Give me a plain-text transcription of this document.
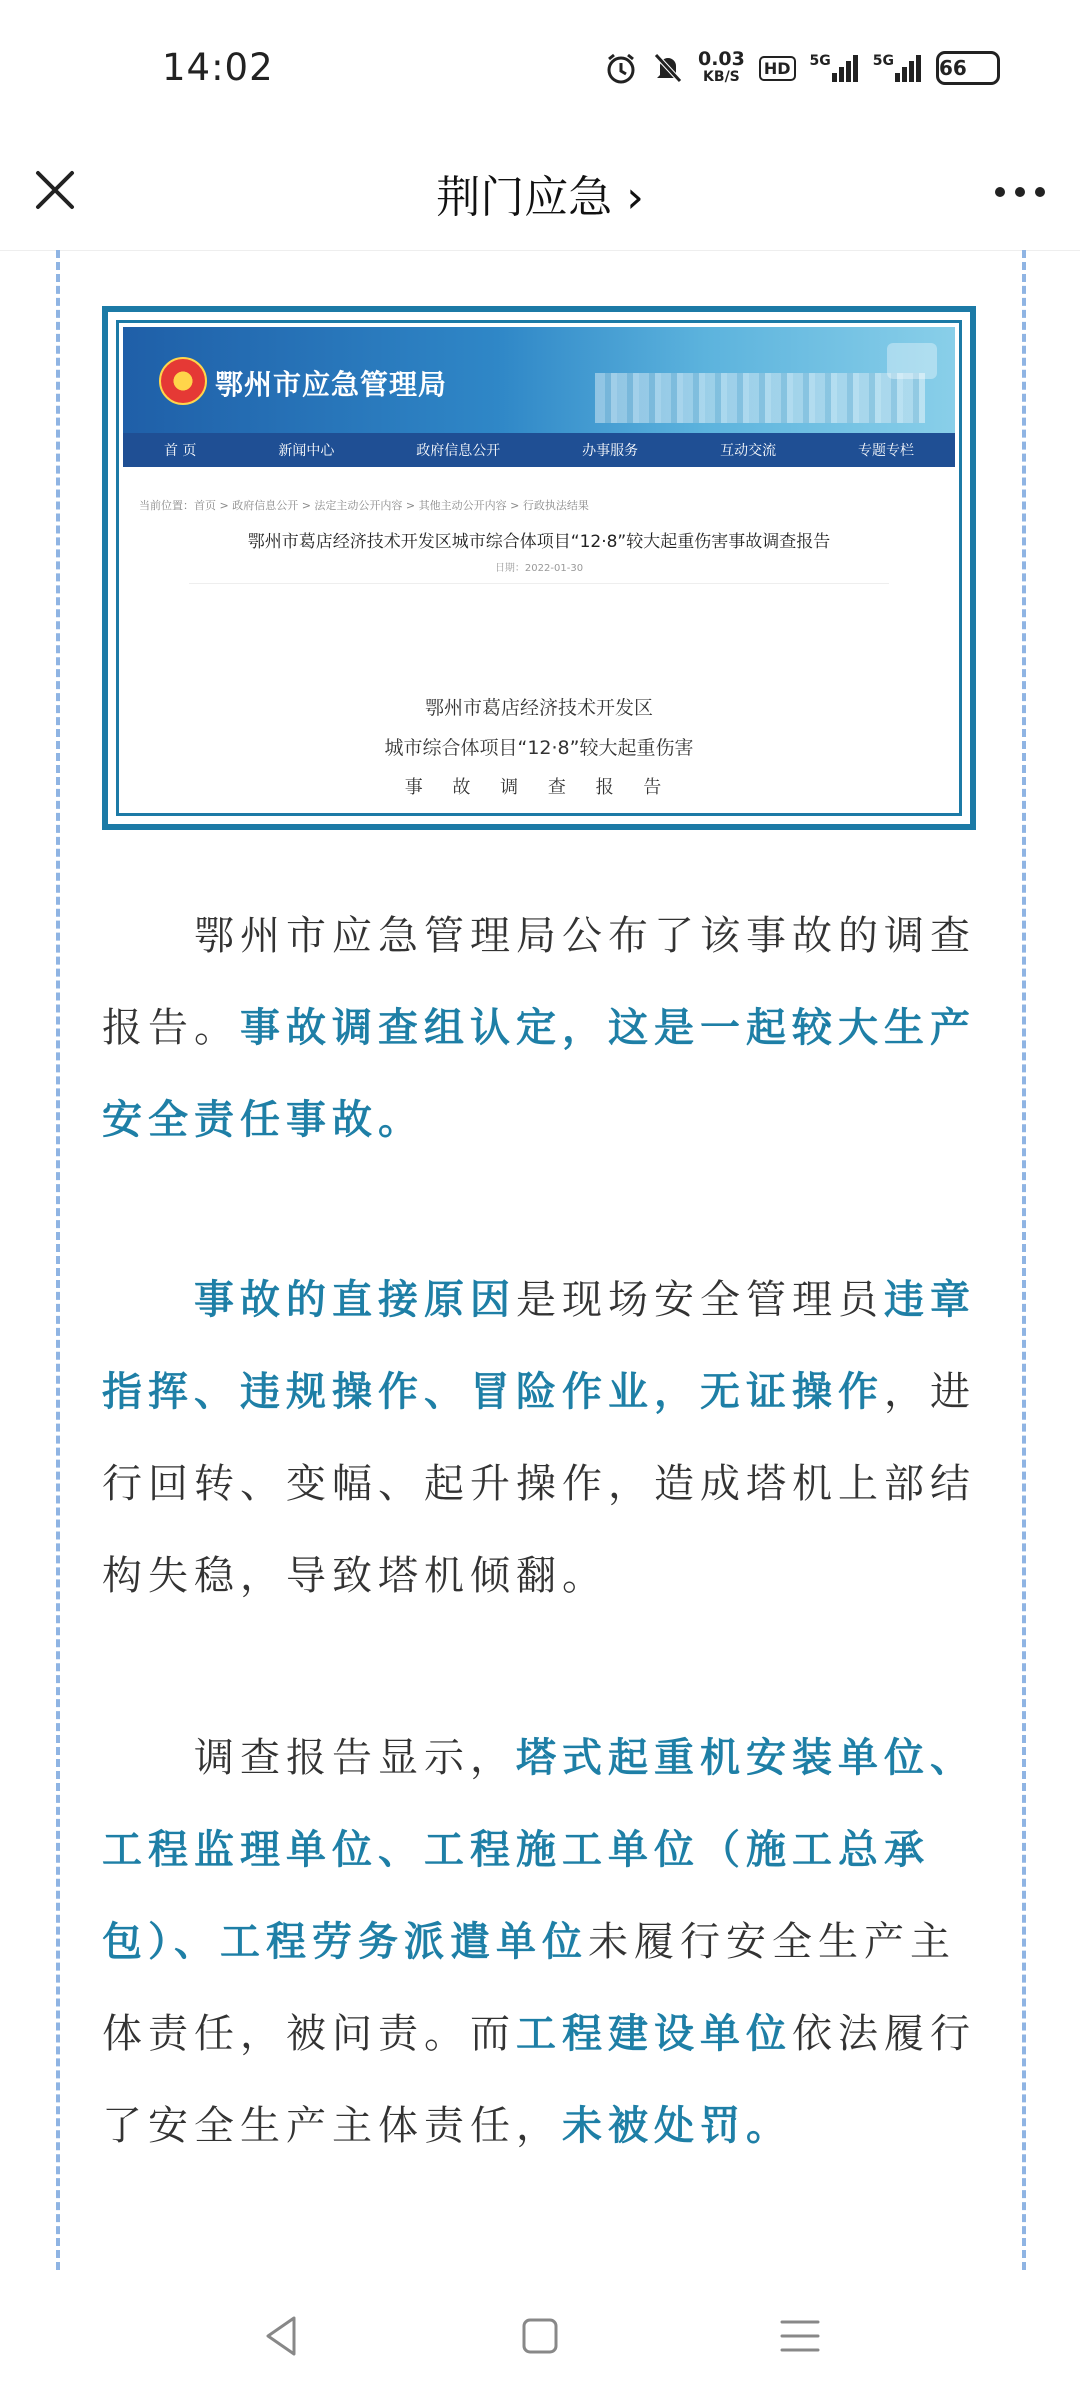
14:02	0.03
KB/S	HD	5G	5G 66
荆门应急 ›
鄂州市应急管理局
首 页	新闻中心	政府信息公开	办事服务	互动交流	专题专栏
当前位置：首页 > 政府信息公开 > 法定主动公开内容 > 其他主动公开内容 > 行政执法结果
鄂州市葛店经济技术开发区城市综合体项目“12·8”较大起重伤害事故调查报告
日期：2022-01-30
鄂州市葛店经济技术开发区
城市综合体项目“12·8”较大起重伤害
事 故 调 查 报 告

鄂州市应急管理局公布了该事故的调查报告。事故调查组认定，这是一起较大生产安全责任事故。

事故的直接原因是现场安全管理员违章指挥、违规操作、冒险作业，无证操作，进行回转、变幅、起升操作，造成塔机上部结构失稳，导致塔机倾翻。

调查报告显示，塔式起重机安装单位、工程监理单位、工程施工单位（施工总承包）、工程劳务派遣单位未履行安全生产主体责任，被问责。而工程建设单位依法履行了安全生产主体责任，未被处罚。
